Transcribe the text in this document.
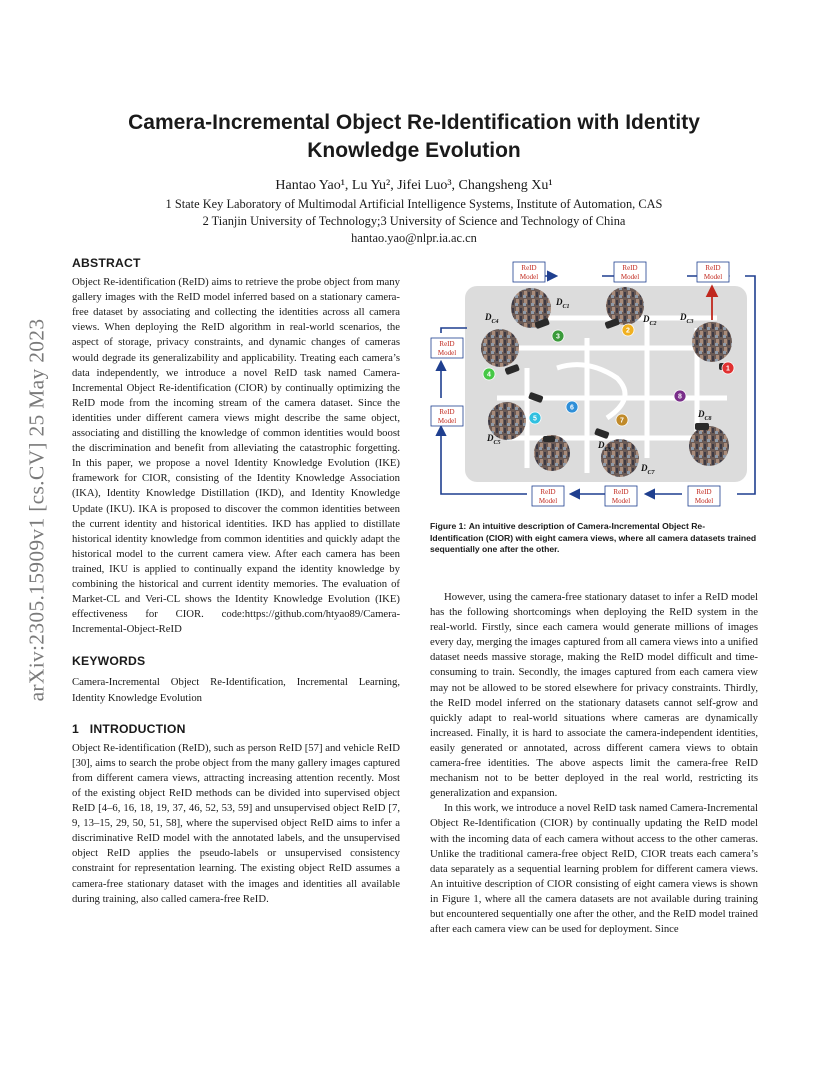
arXiv:2305.15909v1 [cs.CV] 25 May 2023
Camera-Incremental Object Re-Identification with Identity Knowledge Evolution
Hantao Yao¹, Lu Yu², Jifei Luo³, Changsheng Xu¹
1 State Key Laboratory of Multimodal Artificial Intelligence Systems, Institute of Automation, CAS
2 Tianjin University of Technology;3 University of Science and Technology of China
hantao.yao@nlpr.ia.ac.cn
ABSTRACT

Object Re-identification (ReID) aims to retrieve the probe object from many gallery images with the ReID model inferred based on a stationary camera-free dataset by associating and collecting the identities across all camera views. When deploying the ReID algorithm in real-world scenarios, the aspect of storage, privacy constraints, and dynamic changes of cameras would degrade its generalizability and applicability. Treating each camera’s data independently, we introduce a novel ReID task named Camera-Incremental Object Re-identification (CIOR) by continually optimizing the ReID mode from the incoming stream of the camera dataset. Since the identities under different camera views might describe the same object, associating and distilling the knowledge of common identities would boost the discrimination and benefit from alleviating the catastrophic forgetting. In this paper, we propose a novel Identity Knowledge Evolution (IKE) framework for CIOR, consisting of the Identity Knowledge Association (IKA), Identity Knowledge Distillation (IKD), and Identity Knowledge Update (IKU). IKA is proposed to discover the common identities between the current identity and historical identities. IKD has applied to distillate historical identity knowledge from common identities and quickly adapt the historical model to the current camera view. After each camera has been trained, IKU is applied to continually expand the identity knowledge by combining the historical and current identity memories. The evaluation of Market-CL and Veri-CL shows the Identity Knowledge Evolution (IKE) effectiveness for CIOR. code:https://github.com/htyao89/Camera-Incremental-Object-ReID

KEYWORDS

Camera-Incremental Object Re-Identification, Incremental Learning, Identity Knowledge Evolution

1   INTRODUCTION

Object Re-identification (ReID), such as person ReID [57] and vehicle ReID [30], aims to search the probe object from the many gallery images captured from different camera views, attracting increasing attention recently. Most of the existing object ReID methods can be divided into supervised object ReID [4–6, 16, 18, 19, 37, 46, 52, 53, 59] and unsupervised object ReID [7, 9, 13–15, 29, 50, 51, 58], where the supervised object ReID aims to infer a discriminative ReID model with the annotated labels, and the unsupervised object ReID applies the pseudo-labels or unsupervised consistency constraint for representation learning. The existing object ReID assumes a camera-free stationary dataset with the images and identities all available during training, also called camera-free ReID.

ReID
Model
ReID
Model
ReID
Model
ReID
Model
ReID
Model
ReID
Model
ReID
Model
ReID
Model
1
2
3
4
5
6
7
8
$D_{C1}$
$D_{C2}$
$D_{C3}$
$D_{C4}$
$D_{C5}$	$D_{C6}$
$D_{C7}$
$D_{C8}$
Figure 1: An intuitive description of Camera-Incremental Object Re-Identification (CIOR) with eight camera views, where all camera datasets trained sequentially one after the other.

However, using the camera-free stationary dataset to infer a ReID model has the following shortcomings when deploying the ReID system in the real-world. Firstly, since each camera would generate millions of images every day, merging the images captured from all camera views into a unified dataset needs massive storage, making the ReID model difficult and time-consuming to train. Secondly, the images captured from each camera view may not be allowed to be stored elsewhere for privacy constraints. Thirdly, the ReID model inferred on the stationary datasets cannot self-grow and quickly adapt to real-world situations where cameras are dynamically increased. Finally, it is hard to associate the camera-independent identities, easily generated or annotated, across different camera views to obtain camera-free identities. The above aspects limit the camera-free ReID mechanism not to be better deployed in the real world, restricting its generalization and expansion.

In this work, we introduce a novel ReID task named Camera-Incremental Object Re-Identification (CIOR) by continually updating the ReID model with the incoming data of each camera without access to the other cameras. Unlike the traditional camera-free object ReID, CIOR treats each camera’s data separately as a sequential learning problem for different camera views. An intuitive description of CIOR consisting of eight camera views is shown in Figure 1, where all the camera datasets are not available during training but encountered sequentially one after the other, and the ReID model trained after each camera view can be used for deployment. Since
